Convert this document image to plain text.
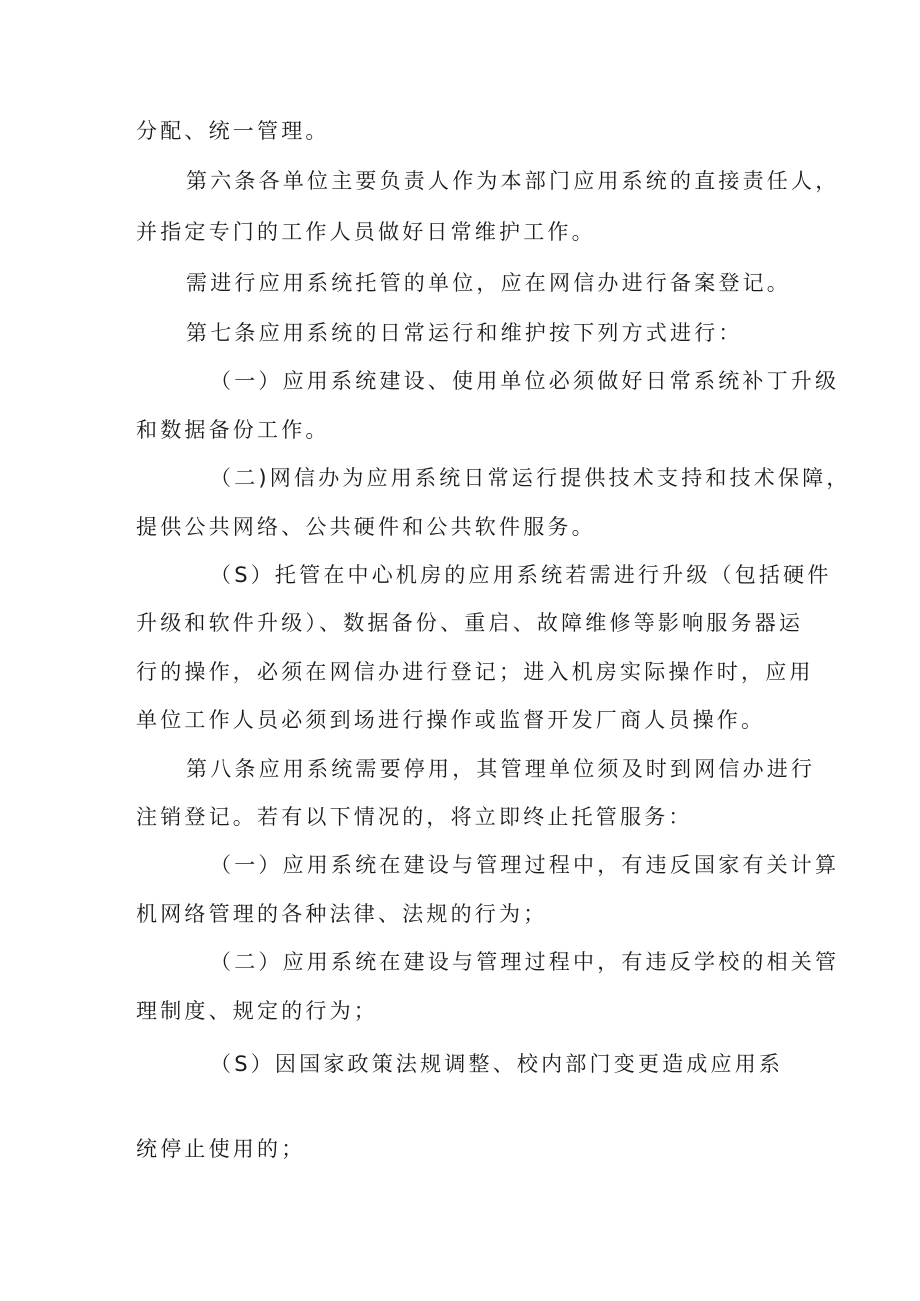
分配、统一管理。
第六条各单位主要负责人作为本部门应用系统的直接责任人，
并指定专门的工作人员做好日常维护工作。
需进行应用系统托管的单位，应在网信办进行备案登记。
第七条应用系统的日常运行和维护按下列方式进行：
（一）应用系统建设、使用单位必须做好日常系统补丁升级
和数据备份工作。
（二)网信办为应用系统日常运行提供技术支持和技术保障，
提供公共网络、公共硬件和公共软件服务。
（S）托管在中心机房的应用系统若需进行升级（包括硬件
升级和软件升级）、数据备份、重启、故障维修等影响服务器运
行的操作，必须在网信办进行登记；进入机房实际操作时，应用
单位工作人员必须到场进行操作或监督开发厂商人员操作。
第八条应用系统需要停用，其管理单位须及时到网信办进行
注销登记。若有以下情况的，将立即终止托管服务：
（一）应用系统在建设与管理过程中，有违反国家有关计算
机网络管理的各种法律、法规的行为；
（二）应用系统在建设与管理过程中，有违反学校的相关管
理制度、规定的行为；
（S）因国家政策法规调整、校内部门变更造成应用系
统停止使用的；
